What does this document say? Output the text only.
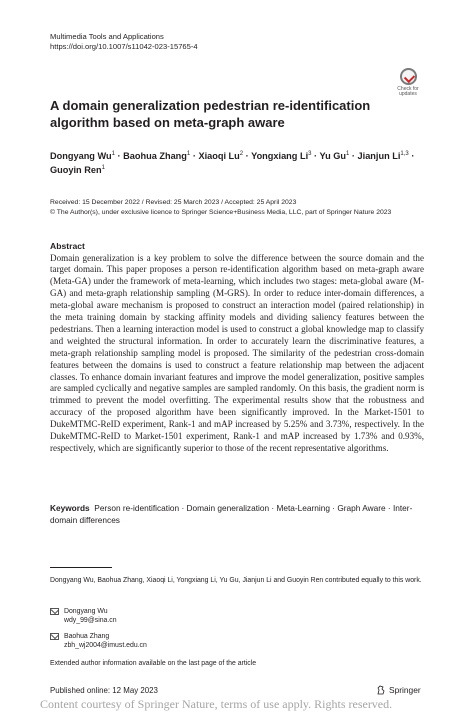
Multimedia Tools and Applications
https://doi.org/10.1007/s11042-023-15765-4
Check for
updates
A domain generalization pedestrian re-identification algorithm based on meta-graph aware
Dongyang $Wu^1$ · Baohua Zhang$^1$ · Xiaoqi $Lu^2$ · Yongxiang $Li^3 \cdot Yu$ $Gu^1$ · Jianjun Li$^{1,3}$ ·
Guoyin Ren$^1$
Received: 15 December 2022 / Revised: 25 March 2023 / Accepted: 25 April 2023
© The Author(s), under exclusive licence to Springer Science+Business Media, LLC, part of Springer Nature 2023
Abstract

Domain generalization is a key problem to solve the difference between the source domain and the target domain. This paper proposes a person re-identification algorithm based on meta-graph aware (Meta-GA) under the framework of meta-learning, which includes two stages: meta-global aware (M-GA) and meta-graph relationship sampling (M-GRS). In order to reduce inter-domain differences, a meta-global aware mechanism is proposed to construct an interaction model (paired relationship) in the meta training domain by stacking affinity models and dividing saliency features between the pedestrians. Then a learning interaction model is used to construct a global knowledge map to classify and weighted the structural information. In order to accurately learn the discriminative features, a meta-graph relationship sampling model is proposed. The similarity of the pedestrian cross-domain features between the domains is used to construct a feature relationship map between the adjacent classes. To enhance domain invariant features and improve the model generalization, positive samples are sampled cyclically and negative samples are sampled randomly. On this basis, the gradient norm is trimmed to prevent the model overfitting. The experimental results show that the robustness and accuracy of the proposed algorithm have been significantly improved. In the Market-1501 to DukeMTMC-ReID experiment, Rank-1 and mAP increased by 5.25% and 3.73%, respectively. In the DukeMTMC-ReID to Market-1501 experiment, Rank-1 and mAP increased by 1.73% and 0.93%, respectively, which are significantly superior to those of the recent representative algorithms.

Keywords Person re-identification · Domain generalization · Meta-Learning · Graph Aware · Inter-domain differences
Dongyang Wu, Baohua Zhang, Xiaoqi Li, Yongxiang Li, Yu Gu, Jianjun Li and Guoyin Ren contributed equally to this work.
Dongyang Wu
wdy_99@sina.cn
Baohua Zhang
zbh_wj2004@imust.edu.cn
Extended author information available on the last page of the article
Published online: 12 May 2023	Springer
Content courtesy of Springer Nature, terms of use apply. Rights reserved.
